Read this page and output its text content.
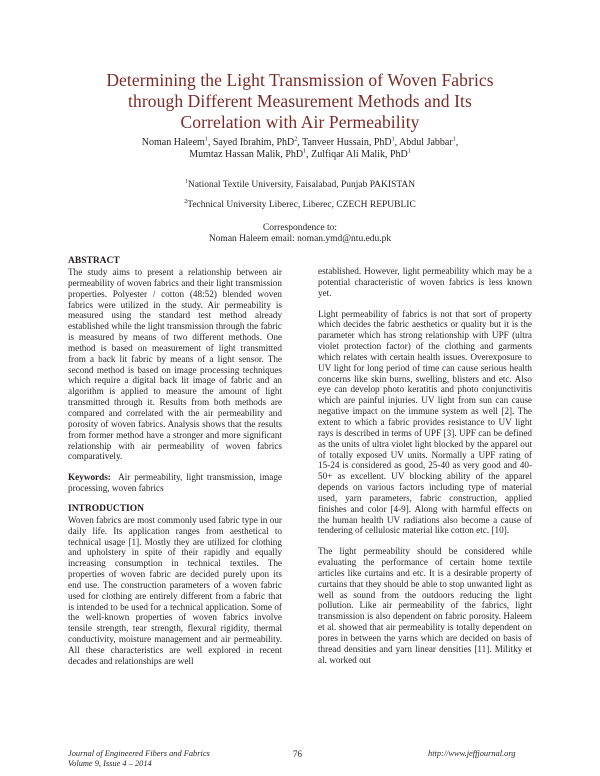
Determining the Light Transmission of Woven Fabrics
through Different Measurement Methods and Its
Correlation with Air Permeability
Noman Haleem$^1$, Sayed Ibrahim, PhD$^2$, Tanveer Hussain, PhD$^1$, Abdul Jabbar$^1$,
Mumtaz Hassan Malik, PhD$^1$, Zulfiqar Ali Malik, PhD$^1$
$^1$National Textile University, Faisalabad, Punjab PAKISTAN
$^2$Technical University Liberec, Liberec, CZECH REPUBLIC
Correspondence to:
Noman Haleem email: noman.ymd@ntu.edu.pk
ABSTRACT
The study aims to present a relationship between air permeability of woven fabrics and their light transmission properties. Polyester / cotton (48:52) blended woven fabrics were utilized in the study. Air permeability is measured using the standard test method already established while the light transmission through the fabric is measured by means of two different methods. One method is based on measurement of light transmitted from a back lit fabric by means of a light sensor. The second method is based on image processing techniques which require a digital back lit image of fabric and an algorithm is applied to measure the amount of light transmitted through it. Results from both methods are compared and correlated with the air permeability and porosity of woven fabrics. Analysis shows that the results from former method have a stronger and more significant relationship with air permeability of woven fabrics comparatively.
Keywords: Air permeability, light transmission, image processing, woven fabrics
INTRODUCTION
Woven fabrics are most commonly used fabric type in our daily life. Its application ranges from aesthetical to technical usage [1]. Mostly they are utilized for clothing and upholstery in spite of their rapidly and equally increasing consumption in technical textiles. The properties of woven fabric are decided purely upon its end use. The construction parameters of a woven fabric used for clothing are entirely different from a fabric that is intended to be used for a technical application. Some of the well-known properties of woven fabrics involve tensile strength, tear strength, flexural rigidity, thermal conductivity, moisture management and air permeability. All these characteristics are well explored in recent decades and relationships are well
established. However, light permeability which may be a potential characteristic of woven fabrics is less known yet.
Light permeability of fabrics is not that sort of property which decides the fabric aesthetics or quality but it is the parameter which has strong relationship with UPF (ultra violet protection factor) of the clothing and garments which relates with certain health issues. Overexposure to UV light for long period of time can cause serious health concerns like skin burns, swelling, blisters and etc. Also eye can develop photo keratitis and photo conjunctivitis which are painful injuries. UV light from sun can cause negative impact on the immune system as well [2]. The extent to which a fabric provides resistance to UV light rays is described in terms of UPF [3]. UPF can be defined as the units of ultra violet light blocked by the apparel out of totally exposed UV units. Normally a UPF rating of 15-24 is considered as good, 25-40 as very good and 40-50+ as excellent. UV blocking ability of the apparel depends on various factors including type of material used, yarn parameters, fabric construction, applied finishes and color [4-9]. Along with harmful effects on the human health UV radiations also become a cause of tendering of cellulosic material like cotton etc. [10].
The light permeability should be considered while evaluating the performance of certain home textile articles like curtains and etc. It is a desirable property of curtains that they should be able to stop unwanted light as well as sound from the outdoors reducing the light pollution. Like air permeability of the fabrics, light transmission is also dependent on fabric porosity. Haleem et al. showed that air permeability is totally dependent on pores in between the yarns which are decided on basis of thread densities and yarn linear densities [11]. Militky et al. worked out
Journal of Engineered Fibers and Fabrics
Volume 9, Issue 4 – 2014
76	http://www.jeffjournal.org
